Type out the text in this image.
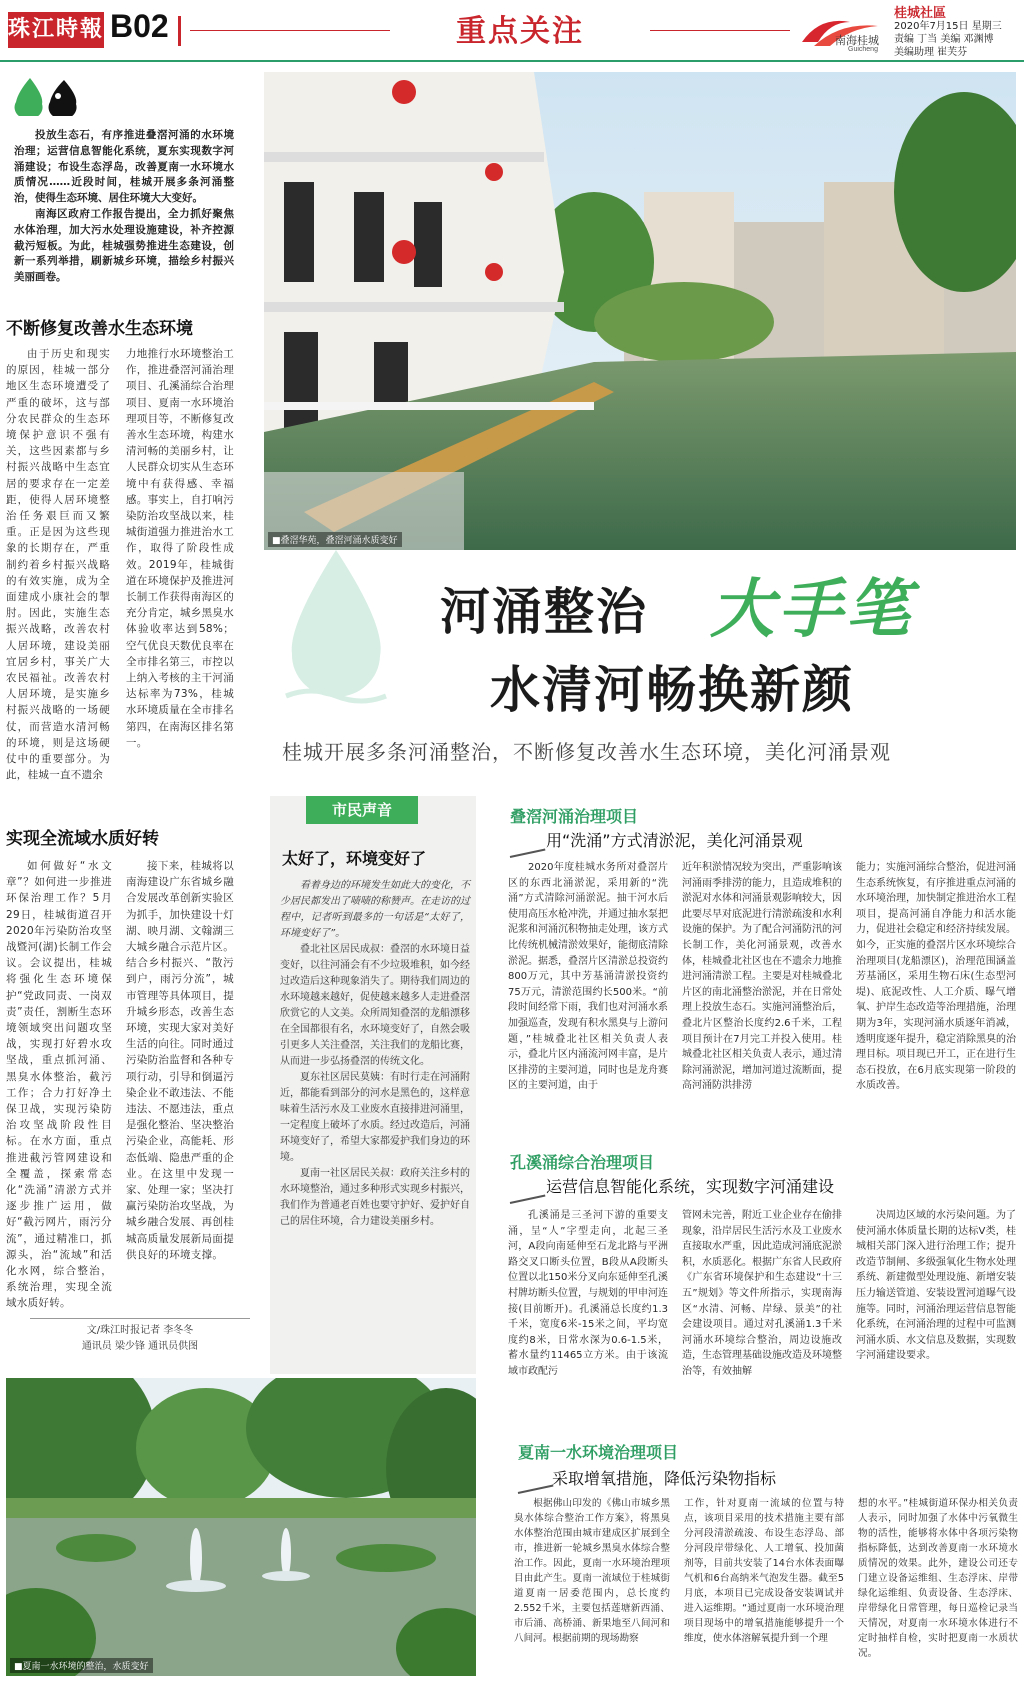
珠江時報 B02	重点关注	南海桂城
Guicheng
桂城社區
2020年7月15日 星期三
责编 丁当 美编 邓渊博
美编助理 崔芙芬

投放生态石，有序推进叠滘河涌的水环境治理；运营信息智能化系统，夏东实现数字河涌建设；布设生态浮岛，改善夏南一水环境水质情况……近段时间，桂城开展多条河涌整治，使得生态环境、居住环境大大变好。

南海区政府工作报告提出，全力抓好聚焦水体治理，加大污水处理设施建设，补齐控源截污短板。为此，桂城强势推进生态建设，创新一系列举措，刷新城乡环境，描绘乡村振兴美丽画卷。

不断修复改善水生态环境
由于历史和现实的原因，桂城一部分地区生态环境遭受了严重的破坏，这与部分农民群众的生态环境保护意识不强有关，这些因素都与乡村振兴战略中生态宜居的要求存在一定差距，使得人居环境整治任务艰巨而又繁重。正是因为这些现象的长期存在，严重制约着乡村振兴战略的有效实施，成为全面建成小康社会的掣肘。因此，实施生态振兴战略，改善农村人居环境，建设美丽宜居乡村，事关广大农民福祉。改善农村人居环境，是实施乡村振兴战略的一场硬仗，而营造水清河畅的环境，则是这场硬仗中的重要部分。为此，桂城一直不遗余
力地推行水环境整治工作，推进叠滘河涌治理项目、孔溪涌综合治理项目、夏南一水环境治理项目等，不断修复改善水生态环境，构建水清河畅的美丽乡村，让人民群众切实从生态环境中有获得感、幸福感。事实上，自打响污染防治攻坚战以来，桂城街道强力推进治水工作，取得了阶段性成效。2019年，桂城街道在环境保护及推进河长制工作获得南海区的充分肯定，城乡黑臭水体验收率达到58%；空气优良天数优良率在全市排名第三，市控以上纳入考核的主干河涌达标率为73%，桂城水环境质量在全市排名第四，在南海区排名第一。
实现全流域水质好转
如何做好“水文章”？如何进一步推进环保治理工作？5月29日，桂城街道召开2020年污染防治攻坚战暨河(湖)长制工作会议。会议提出，桂城将强化生态环境保护“党政同责、一岗双责”责任，割断生态环境领域突出问题攻坚战，实现打好碧水攻坚战，重点抓河涌、黑臭水体整治，截污工作；合力打好净土保卫战，实现污染防治攻坚战阶段性目标。在水方面，重点推进截污管网建设和全覆盖，探索常态化“洗涌”清淤方式并逐步推广运用，做好“截污网片，雨污分流”，通过精准口，抓源头，治“流域”和活化水网，综合整治，系统治理，实现全流域水质好转。
接下来，桂城将以南海建设广东省城乡融合发展改革创新实验区为抓手，加快建设十灯湖、映月湖、文翰湖三大城乡融合示范片区。结合乡村振兴、“散污到户，雨污分流”，城市管理等具体项目，提升城乡形态，改善生态环境，实现大家对美好生活的向往。同时通过污染防治监督和各种专项行动，引导和倒逼污染企业不敢违法、不能违法、不愿违法，重点是强化整治、坚决整治污染企业，高能耗、形态低端、隐患严重的企业。在这里中发现一家、处理一家；坚决打赢污染防治攻坚战，为城乡融合发展、再创桂城高质量发展新局面提供良好的环境支撑。
文/珠江时报记者 李冬冬
通讯员 梁少锋 通讯员供图
■叠滘华苑，叠滘河涌水质变好
河涌整治 大手笔
水清河畅换新颜
桂城开展多条河涌整治，不断修复改善水生态环境，美化河涌景观
市民声音
太好了，环境变好了

看着身边的环境发生如此大的变化，不少居民都发出了啧啧的称赞声。在走访的过程中，记者听到最多的一句话是“太好了，环境变好了”。

叠北社区居民成叔：叠滘的水环境日益变好，以往河涌会有不少垃圾堆积，如今经过改造后这种现象消失了。期待我们周边的水环境越来越好，促使越来越多人走进叠滘欣赏它的人文美。众所周知叠滘的龙船漂移在全国都很有名，水环境变好了，自然会吸引更多人关注叠滘，关注我们的龙船比赛，从而进一步弘扬叠滘的传统文化。

夏东社区居民莫姨：有时行走在河涌附近，都能看到部分的河水是黑色的，这样意味着生活污水及工业废水直接排进河涌里，一定程度上破坏了水质。经过改造后，河涌环境变好了，希望大家都爱护我们身边的环境。

夏南一社区居民关叔：政府关注乡村的水环境整治，通过多种形式实现乡村振兴，我们作为普通老百姓也要守护好、爱护好自己的居住环境，合力建设美丽乡村。

叠滘河涌治理项目
用“洗涌”方式清淤泥，美化河涌景观
2020年度桂城水务所对叠滘片区的东西北涌淤泥，采用新的“洗涌”方式清除河涌淤泥。抽干河水后使用高压水枪冲洗，并通过抽水泵把泥浆和河涌沉积物抽走处理，该方式比传统机械清淤效果好，能彻底清除淤泥。据悉，叠滘片区清淤总投资约800万元，其中芳基涌清淤投资约75万元，清淤范围约长500米。“前段时间经常下雨，我们也对河涌水系加强巡查，发现有积水黑臭与上游问题，”桂城叠北社区相关负责人表示，叠北片区内涌流河网丰富，是片区排涝的主要河道，同时也是龙舟赛区的主要河道，由于
近年积淤情况较为突出，严重影响该河涌雨季排涝的能力，且造成堆积的淤泥对水体和河涌景观影响较大，因此要尽早对底泥进行清淤疏浚和水利设施的保护。为了配合河涌防汛的河长制工作，美化河涌景观，改善水体，桂城叠北社区也在不遗余力地推进河涌清淤工程。主要是对桂城叠北片区的南北涌整治淤泥，并在日常处理上投放生态石。实施河涌整治后，叠北片区整治长度约2.6千米，工程项目预计在7月完工并投入使用。桂城叠北社区相关负责人表示，通过清除河涌淤泥，增加河道过流断面，提高河涌防洪排涝
能力；实施河涌综合整治，促进河涌生态系统恢复，有序推进重点河涌的水环境治理，加快制定推进治水工程项目，提高河涌自净能力和活水能力，促进社会稳定和经济持续发展。如今，正实施的叠滘片区水环境综合治理项目(龙船漂区)，治理范围涵盖芳基涌区，采用生物石床(生态型河堤)、底泥改性、人工介质、曝气增氧、护岸生态改造等治理措施，治理期为3年，实现河涌水质逐年消减，透明度逐年提升，稳定消除黑臭的治理目标。项目现已开工，正在进行生态石投放，在6月底实现第一阶段的水质改善。
孔溪涌综合治理项目
运营信息智能化系统，实现数字河涌建设
孔溪涌是三圣河下游的重要支涌，呈“人”字型走向，北起三圣河，A段向南延伸至石龙北路与平洲路交叉口断头位置，B段从A段断头位置以北150米分叉向东延伸至孔溪村牌坊断头位置，与规划的甲申河连接(目前断开)。孔溪涌总长度约1.3千米，宽度6米-15米之间，平均宽度约8米，日常水深为0.6-1.5米，蓄水量约11465立方米。由于该流域市政配污
管网未完善，附近工业企业存在偷排现象，沿岸居民生活污水及工业废水直接取水严重，因此造成河涌底泥淤积，水质恶化。根据广东省人民政府《广东省环境保护和生态建设“十三五”规划》等文件所指示，实现南海区“水清、河畅、岸绿、景美”的社会建设项目。通过对孔溪涌1.3千米河涌水环境综合整治，周边设施改造，生态管理基础设施改造及环境整治等，有效抽解
决周边区域的水污染问题。为了使河涌水体质量长期的达标V类，桂城相关部门深入进行治理工作；提升改造节制闸、多级强氧化生物水处理系统、新建微型处理设施、新增安装压力输送管道、安装设置河道曝气设施等。同时，河涌治理运营信息智能化系统，在河涌治理的过程中可监测河涌水质、水文信息及数据，实现数字河涌建设要求。
■夏南一水环境的整治，水质变好
夏南一水环境治理项目
采取增氧措施，降低污染物指标
根据佛山印发的《佛山市城乡黑臭水体综合整治工作方案》，将黑臭水体整治范围由城市建成区扩展到全市，推进新一轮城乡黑臭水体综合整治工作。因此，夏南一水环境治理项目由此产生。夏南一流域位于桂城街道夏南一居委范围内，总长度约2.552千米，主要包括莲塘新西涌、市后涌、高桥涌、新果地至八间河和八间河。根据前期的现场勘察
工作，针对夏南一流域的位置与特点，该项目采用的技术措施主要有部分河段清淤疏浚、布设生态浮岛、部分河段岸带绿化、人工增氧、投加菌剂等，目前共安装了14台水体表面曝气机和6台高纳米气泡发生器。截至5月底，本项目已完成设备安装调试并进入运维期。“通过夏南一水环境治理项目现场中的增氧措施能够提升一个维度，使水体溶解氧提升到一个理
想的水平。”桂城街道环保办相关负责人表示，同时加强了水体中污氧微生物的活性，能够将水体中各项污染物指标降低，达到改善夏南一水环境水质情况的效果。此外，建设公司还专门建立设备运维组、生态浮床、岸带绿化运维组、负责设备、生态浮床、岸带绿化日常管理，每日巡检记录当天情况，对夏南一水环境水体进行不定时抽样自检，实时把夏南一水质状况。
